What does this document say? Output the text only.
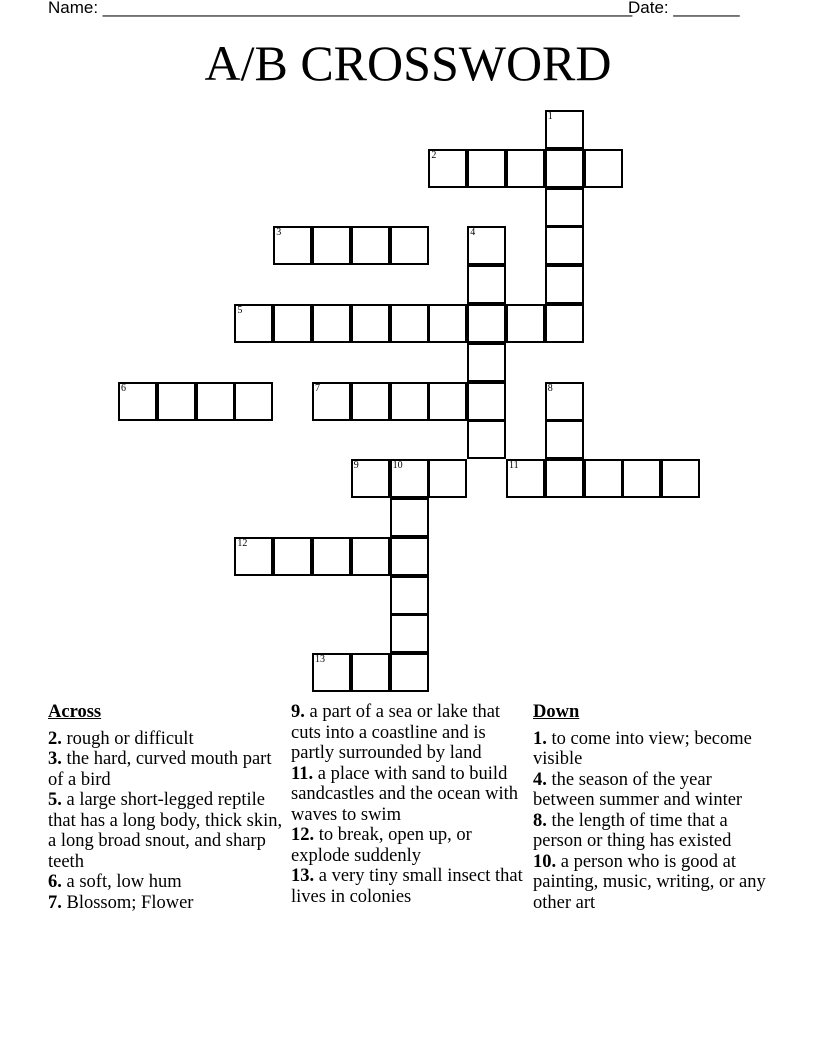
Name: ________________________________________________________
Date: _______
A/B CROSSWORD
1
2
3	4
5
6	7	8
9	10	11
12
13
Across

2. rough or difficult

3. the hard, curved mouth part of a bird

5. a large short-legged reptile that has a long body, thick skin, a long broad snout, and sharp teeth

6. a soft, low hum

7. Blossom; Flower

9. a part of a sea or lake that cuts into a coastline and is partly surrounded by land

11. a place with sand to build sandcastles and the ocean with waves to swim

12. to break, open up, or explode suddenly

13. a very tiny small insect that lives in colonies

Down

1. to come into view; become visible

4. the season of the year between summer and winter

8. the length of time that a person or thing has existed

10. a person who is good at painting, music, writing, or any other art
